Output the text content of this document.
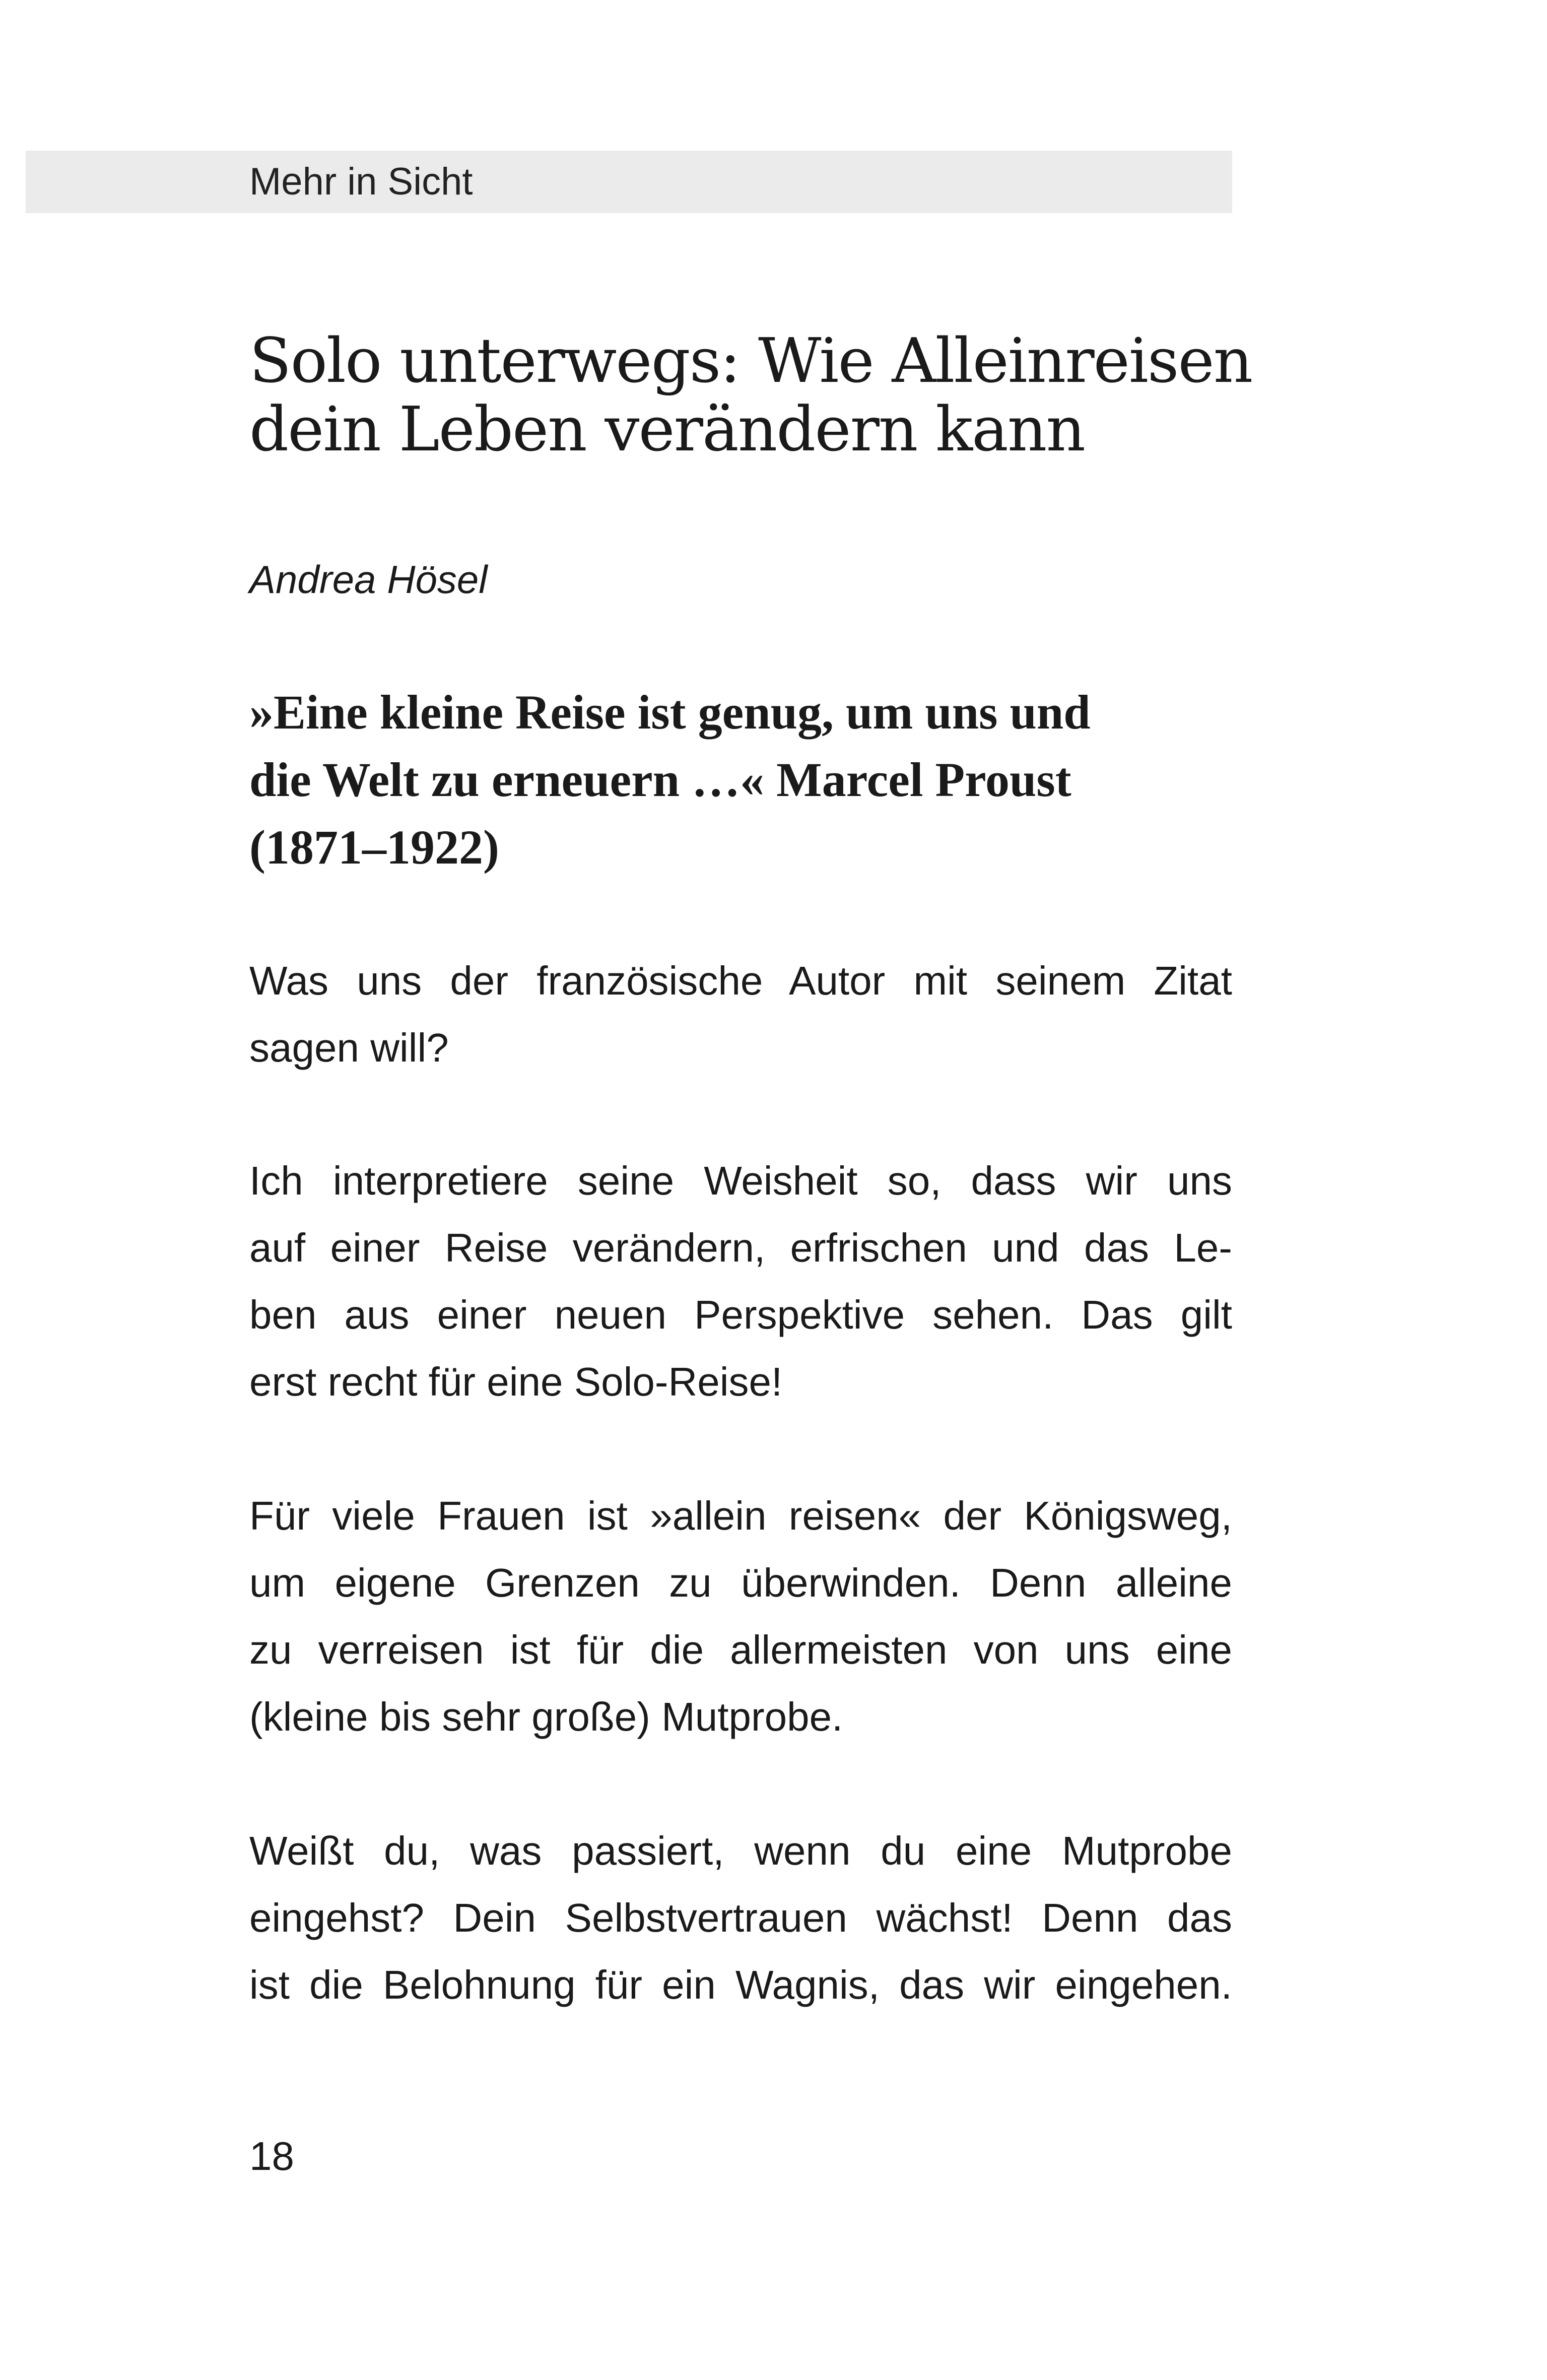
Mehr in Sicht
Solo unterwegs: Wie Alleinreisen
dein Leben verändern kann

Andrea Hösel

»Eine kleine Reise ist genug, um uns und
die Welt zu erneuern …« Marcel Proust
(1871–1922)

Was uns der französische Autor mit seinem Zitat
sagen will?

Ich interpretiere seine Weisheit so, dass wir uns
auf einer Reise verändern, erfrischen und das Le-
ben aus einer neuen Perspektive sehen. Das gilt
erst recht für eine Solo-Reise!

Für viele Frauen ist »allein reisen« der Königsweg,
um eigene Grenzen zu überwinden. Denn alleine
zu verreisen ist für die allermeisten von uns eine
(kleine bis sehr große) Mutprobe.

Weißt du, was passiert, wenn du eine Mutprobe
eingehst? Dein Selbstvertrauen wächst! Denn das
ist die Belohnung für ein Wagnis, das wir eingehen.

18
